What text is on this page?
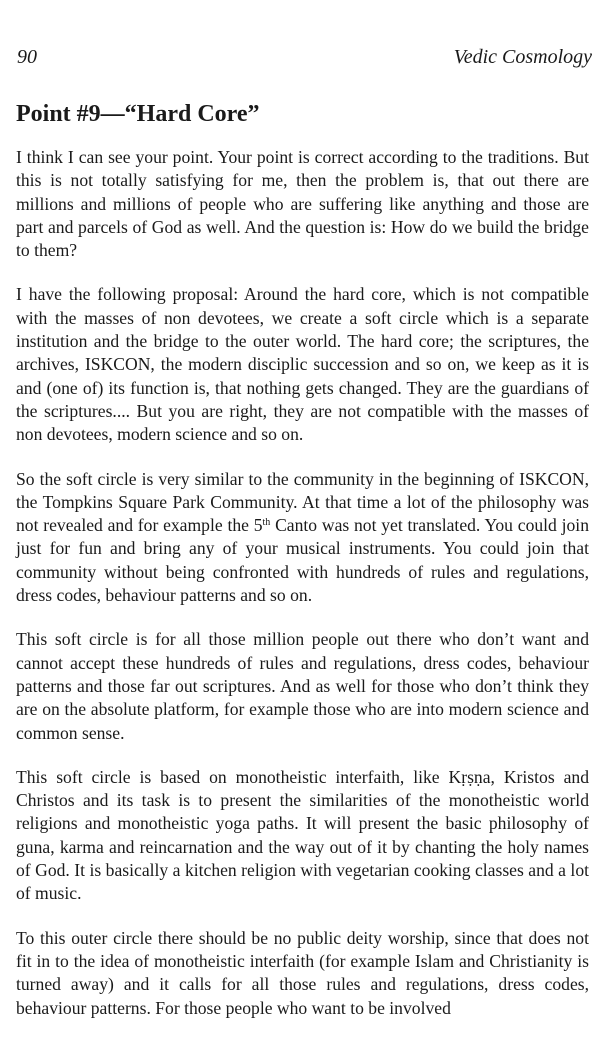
90	Vedic Cosmology
Point #9—“Hard Core”

I think I can see your point. Your point is correct according to the traditions. But this is not totally satisfying for me, then the problem is, that out there are millions and millions of people who are suffering like anything and those are part and parcels of God as well. And the question is: How do we build the bridge to them?

I have the following proposal: Around the hard core, which is not compatible with the masses of non devotees, we create a soft circle which is a separate institution and the bridge to the outer world. The hard core; the scriptures, the archives, ISKCON, the modern disciplic succession and so on, we keep as it is and (one of) its function is, that nothing gets changed. They are the guardians of the scriptures.... But you are right, they are not compatible with the masses of non devotees, modern science and so on.

So the soft circle is very similar to the community in the beginning of ISKCON, the Tompkins Square Park Community. At that time a lot of the philosophy was not revealed and for example the 5th Canto was not yet translated. You could join just for fun and bring any of your musical instruments. You could join that community without being confronted with hundreds of rules and regulations, dress codes, behaviour patterns and so on.

This soft circle is for all those million people out there who don’t want and cannot accept these hundreds of rules and regulations, dress codes, behaviour patterns and those far out scriptures. And as well for those who don’t think they are on the absolute platform, for example those who are into modern science and common sense.

This soft circle is based on monotheistic interfaith, like Kṛṣṇa, Kristos and Christos and its task is to present the similarities of the monotheistic world religions and monotheistic yoga paths. It will present the basic philosophy of guna, karma and reincarnation and the way out of it by chanting the holy names of God. It is basically a kitchen religion with vegetarian cooking classes and a lot of music.

To this outer circle there should be no public deity worship, since that does not fit in to the idea of monotheistic interfaith (for example Islam and Christianity is turned away) and it calls for all those rules and regulations, dress codes, behaviour patterns. For those people who want to be involved
